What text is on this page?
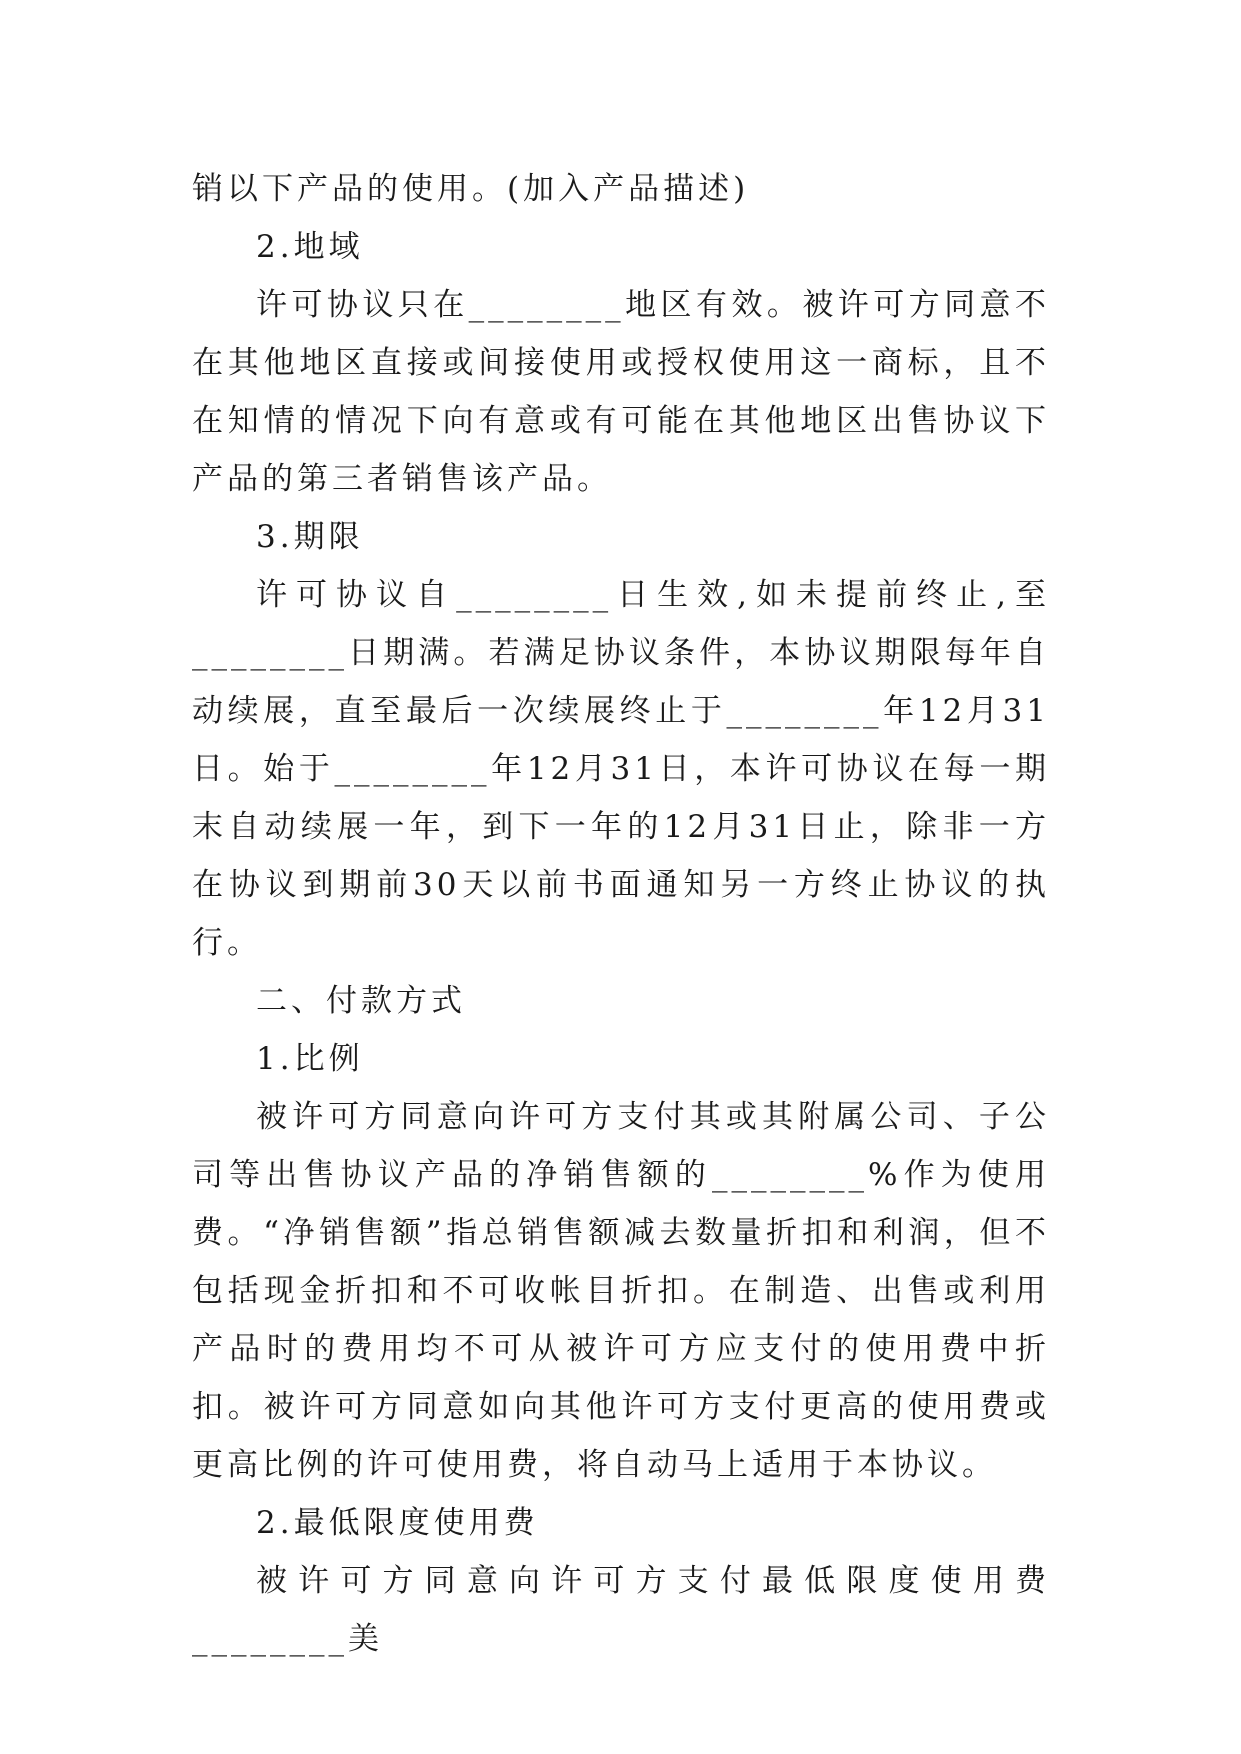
销以下产品的使用。(加入产品描述)

2.地域

许可协议只在________地区有效。被许可方同意不在其他地区直接或间接使用或授权使用这一商标，且不在知情的情况下向有意或有可能在其他地区出售协议下产品的第三者销售该产品。

3.期限

许可协议自________日生效,如未提前终止,至________日期满。若满足协议条件，本协议期限每年自动续展，直至最后一次续展终止于________年12月31日。始于________年12月31日，本许可协议在每一期末自动续展一年，到下一年的12月31日止，除非一方在协议到期前30天以前书面通知另一方终止协议的执行。

二、付款方式

1.比例

被许可方同意向许可方支付其或其附属公司、子公司等出售协议产品的净销售额的________%作为使用费。“净销售额”指总销售额减去数量折扣和利润，但不包括现金折扣和不可收帐目折扣。在制造、出售或利用产品时的费用均不可从被许可方应支付的使用费中折扣。被许可方同意如向其他许可方支付更高的使用费或更高比例的许可使用费，将自动马上适用于本协议。

2.最低限度使用费

被许可方同意向许可方支付最低限度使用费________美
